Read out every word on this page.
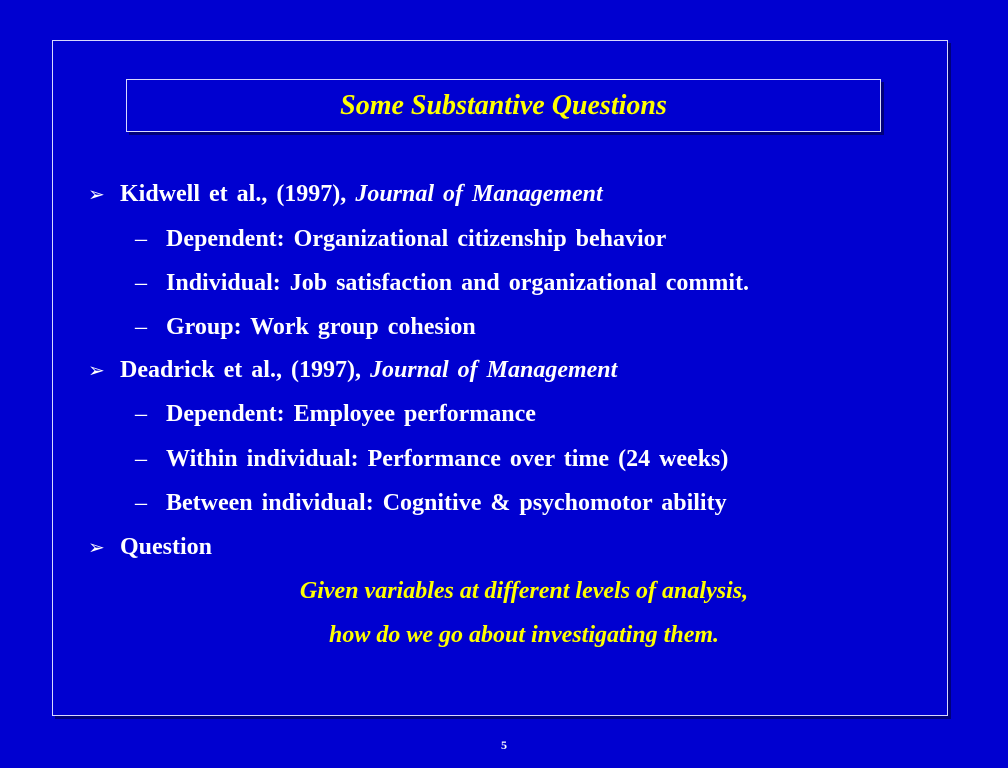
Some Substantive Questions
➢ Kidwell et al., (1997), Journal of Management
– Dependent: Organizational citizenship behavior
– Individual: Job satisfaction and organizational commit.
– Group: Work group cohesion
➢ Deadrick et al., (1997), Journal of Management
– Dependent: Employee performance
– Within individual: Performance over time (24 weeks)
– Between individual: Cognitive & psychomotor ability
➢ Question
Given variables at different levels of analysis,
how do we go about investigating them.
5
